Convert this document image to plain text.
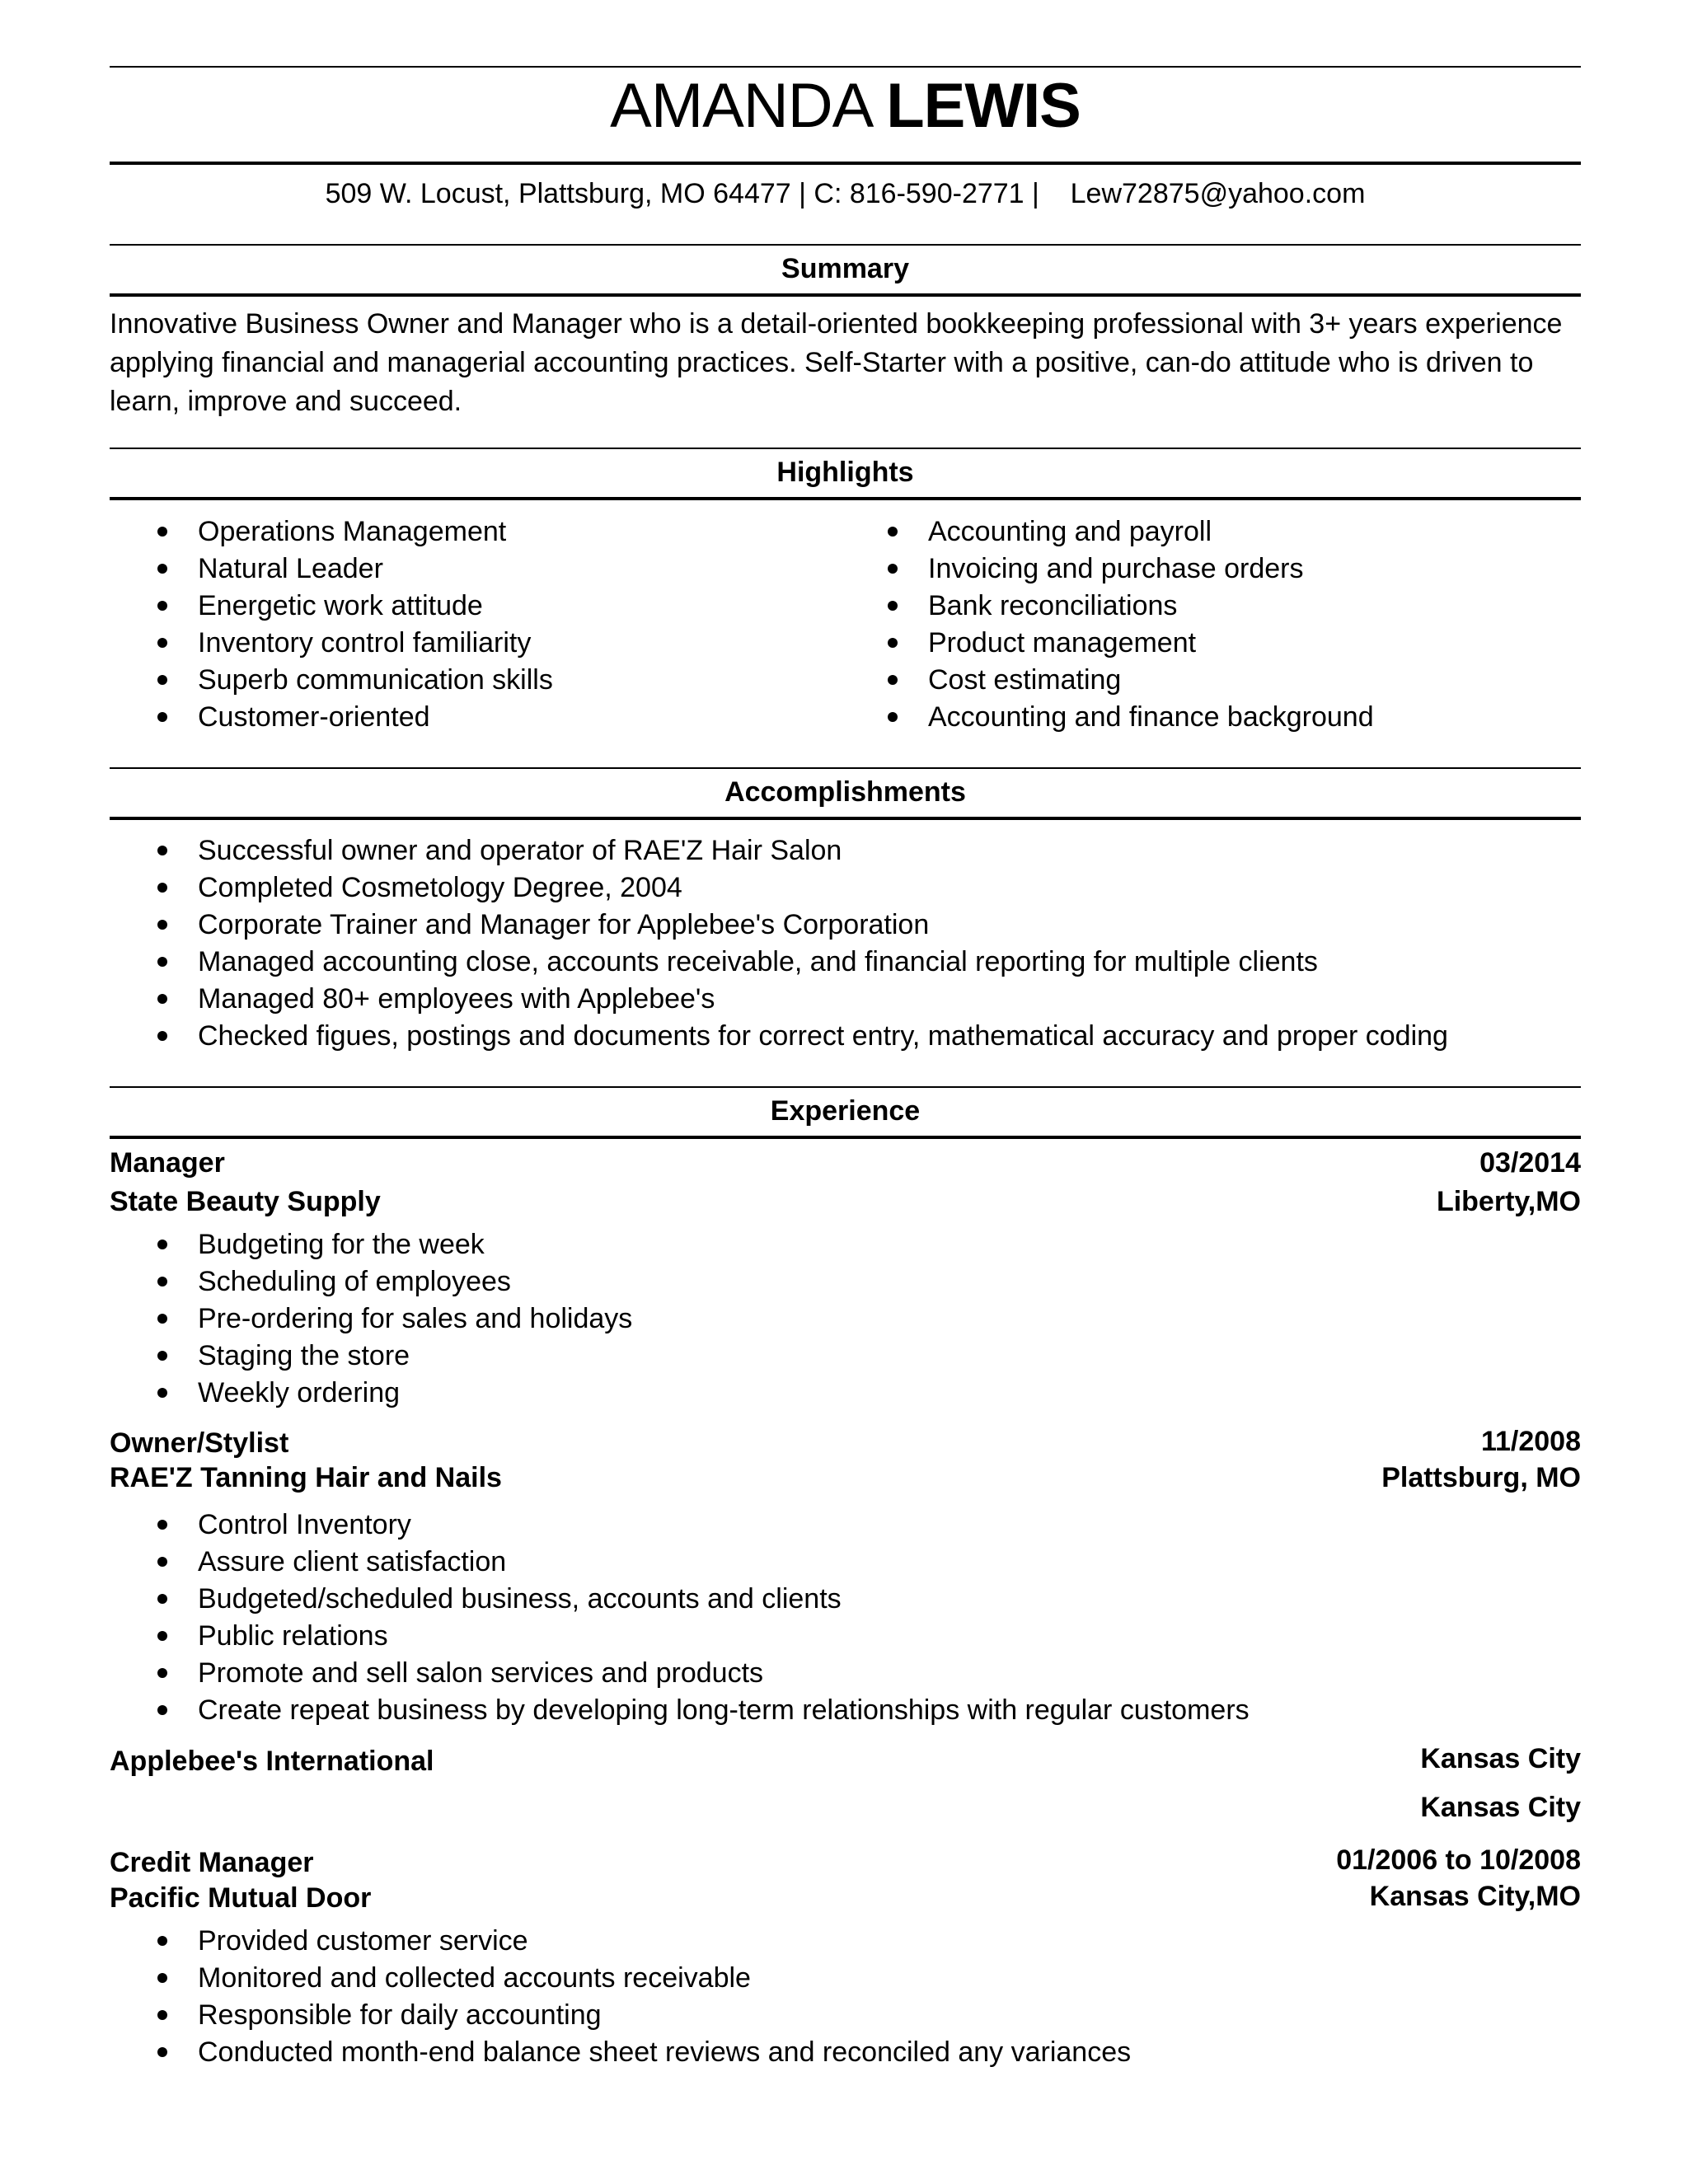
AMANDA LEWIS
509 W. Locust, Plattsburg, MO 64477 | C: 816-590-2771 |    Lew72875@yahoo.com
Summary
Innovative Business Owner and Manager who is a detail-oriented bookkeeping professional with 3+ years experience applying financial and managerial accounting practices. Self-Starter with a positive, can-do attitude who is driven to learn, improve and succeed.
Highlights
Operations Management
Natural Leader
Energetic work attitude
Inventory control familiarity
Superb communication skills
Customer-oriented
Accounting and payroll
Invoicing and purchase orders
Bank reconciliations
Product management
Cost estimating
Accounting and finance background
Accomplishments
Successful owner and operator of RAE'Z Hair Salon
Completed Cosmetology Degree, 2004
Corporate Trainer and Manager for Applebee's Corporation
Managed accounting close, accounts receivable, and financial reporting for multiple clients
Managed 80+ employees with Applebee's
Checked figues, postings and documents for correct entry, mathematical accuracy and proper coding
Experience
Manager	03/2014
State Beauty Supply	Liberty,MO
Budgeting for the week
Scheduling of employees
Pre-ordering for sales and holidays
Staging the store
Weekly ordering
Owner/Stylist	11/2008
RAE'Z Tanning Hair and Nails	Plattsburg, MO
Control Inventory
Assure client satisfaction
Budgeted/scheduled business, accounts and clients
Public relations
Promote and sell salon services and products
Create repeat business by developing long-term relationships with regular customers
Applebee's International	Kansas City
Kansas City
Credit Manager	01/2006 to 10/2008
Pacific Mutual Door	Kansas City,MO
Provided customer service
Monitored and collected accounts receivable
Responsible for daily accounting
Conducted month-end balance sheet reviews and reconciled any variances
